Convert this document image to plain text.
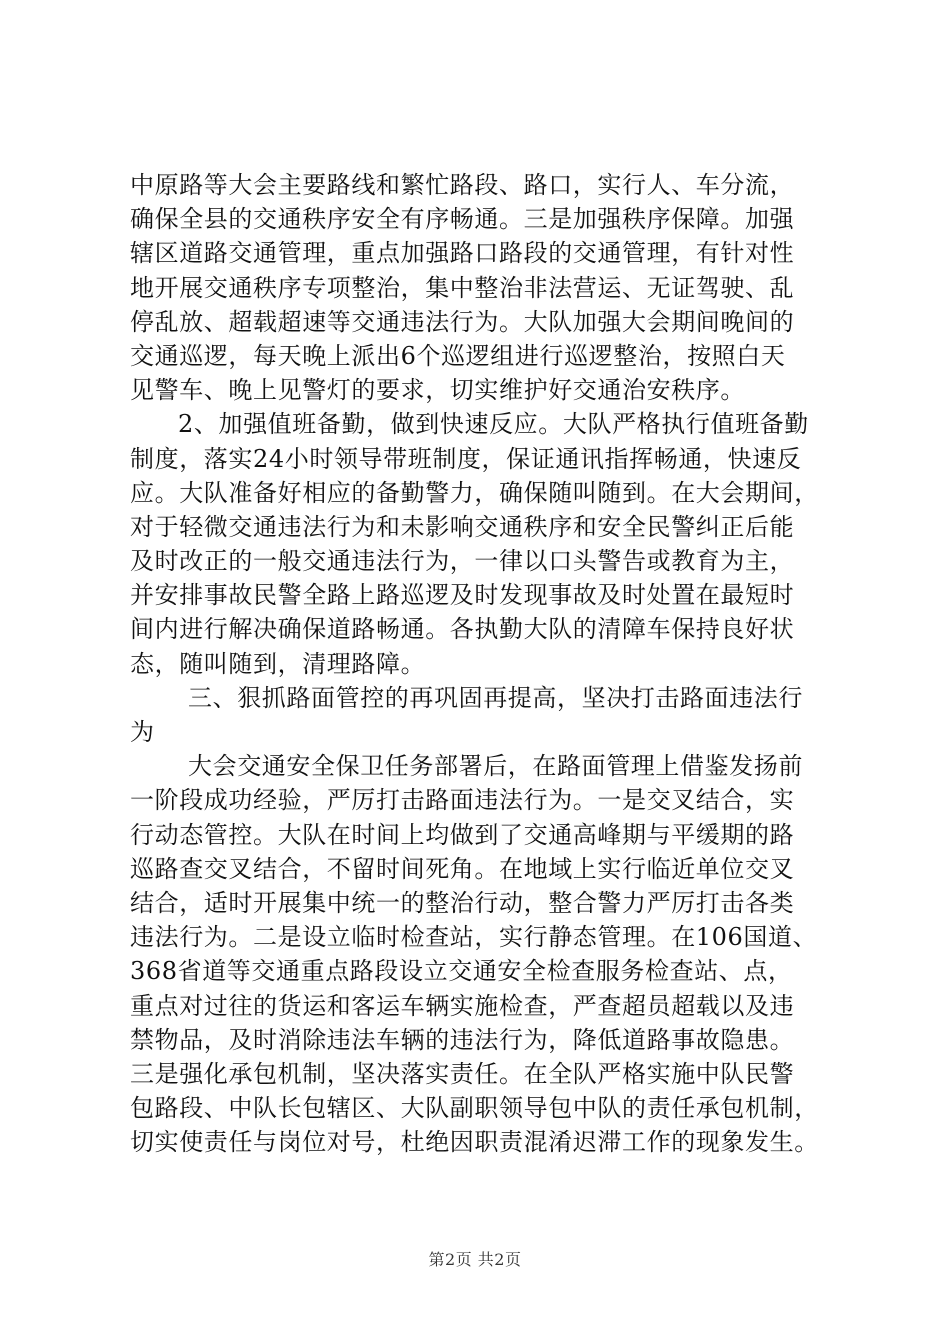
中原路等大会主要路线和繁忙路段、路口，实行人、车分流，
确保全县的交通秩序安全有序畅通。三是加强秩序保障。加强
辖区道路交通管理，重点加强路口路段的交通管理，有针对性
地开展交通秩序专项整治，集中整治非法营运、无证驾驶、乱
停乱放、超载超速等交通违法行为。大队加强大会期间晚间的
交通巡逻，每天晚上派出6个巡逻组进行巡逻整治，按照白天
见警车、晚上见警灯的要求，切实维护好交通治安秩序。
2、加强值班备勤，做到快速反应。大队严格执行值班备勤
制度，落实24小时领导带班制度，保证通讯指挥畅通，快速反
应。大队准备好相应的备勤警力，确保随叫随到。在大会期间，
对于轻微交通违法行为和未影响交通秩序和安全民警纠正后能
及时改正的一般交通违法行为，一律以口头警告或教育为主，
并安排事故民警全路上路巡逻及时发现事故及时处置在最短时
间内进行解决确保道路畅通。各执勤大队的清障车保持良好状
态，随叫随到，清理路障。
三、狠抓路面管控的再巩固再提高，坚决打击路面违法行
为
大会交通安全保卫任务部署后，在路面管理上借鉴发扬前
一阶段成功经验，严厉打击路面违法行为。一是交叉结合，实
行动态管控。大队在时间上均做到了交通高峰期与平缓期的路
巡路查交叉结合，不留时间死角。在地域上实行临近单位交叉
结合，适时开展集中统一的整治行动，整合警力严厉打击各类
违法行为。二是设立临时检查站，实行静态管理。在106国道、
368省道等交通重点路段设立交通安全检查服务检查站、点，
重点对过往的货运和客运车辆实施检查，严查超员超载以及违
禁物品，及时消除违法车辆的违法行为，降低道路事故隐患。
三是强化承包机制，坚决落实责任。在全队严格实施中队民警
包路段、中队长包辖区、大队副职领导包中队的责任承包机制，
切实使责任与岗位对号，杜绝因职责混淆迟滞工作的现象发生。
第2页 共2页
